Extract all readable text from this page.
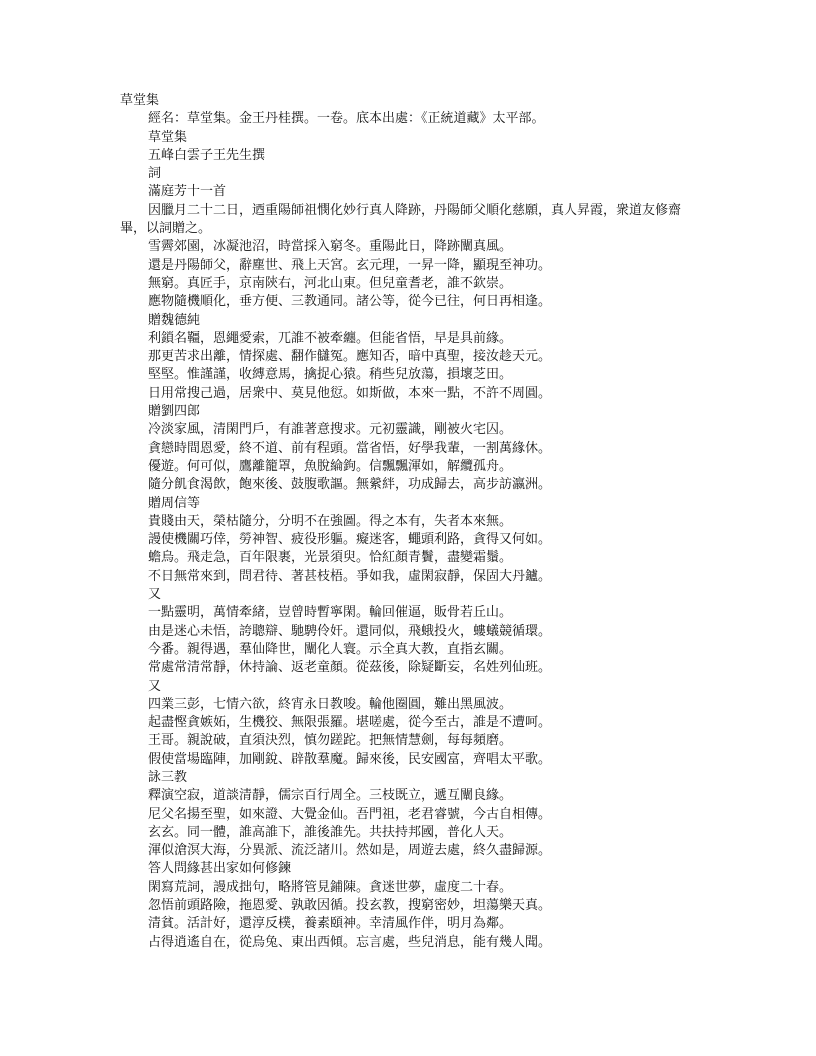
草堂集

經名：草堂集。金王丹桂撰。一卷。底本出處：《正統道藏》太平部。

草堂集

五峰白雲子王先生撰

詞

滿庭芳十一首

因臘月二十二日，迺重陽師祖憫化妙行真人降跡，丹陽師父順化慈願，真人昇霞，衆道友修齋畢，以詞贈之。

雪霽郊園，冰凝池沼，時當採入窮冬。重陽此日，降跡闡真風。

還是丹陽師父，辭塵世、飛上天宮。玄元理，一昇一降，顯現至神功。

無窮。真匠手，京南陝右，河北山東。但兒童耆老，誰不欽崇。

應物隨機順化，垂方便、三教通同。諸公等，從今已往，何日再相逢。

贈魏德純

利鎖名韁，恩繩愛索，兀誰不被牽纏。但能省悟，早是具前緣。

那更苦求出離，情探處、翻作讎冤。應知否，暗中真聖，接汝趁天元。

堅堅。惟謹謹，收縛意馬，擒捉心猿。稍些兒放蕩，損壞芝田。

日用常搜己過，居衆中、莫見他愆。如斯做，本來一點，不許不周圓。

贈劉四郎

冷淡家風，清閑門戶，有誰著意搜求。元初靈識，剛被火宅囚。

貪戀時間恩愛，終不道、前有程頭。當省悟，好學我輩，一割萬緣休。

優遊。何可似，鷹離籠罩，魚脫綸鉤。信飄飄渾如，解纜孤舟。

隨分飢食渴飲，飽來後、鼓腹歌謳。無縈絆，功成歸去，高步訪瀛洲。

贈周信等

貴賤由天，榮枯隨分，分明不在強圖。得之本有，失者本來無。

謾使機關巧倖，勞神智、疲役形軀。癡迷客，蠅頭利路，貪得又何如。

蟾烏。飛走急，百年限裹，光景須臾。恰紅顏青鬢，盡變霜鬚。

不日無常來到，問君待、著甚枝梧。爭如我，虛閑寂靜，保固大丹鑪。

又

一點靈明，萬情牽緒，豈曾時暫寧閑。輪回催逼，販骨若丘山。

由是迷心未悟，誇聰辯、馳騁伶奸。還同似，飛蛾投火，螻蟻競循環。

今番。親得遇，羣仙降世，闡化人寰。示全真大教，直指玄關。

常處常清常靜，休持論、返老童顏。從茲後，除疑斷妄，名姓列仙班。

又

四業三彭，七情六欲，終宵永日教唆。輪他圈圓，難出黑風波。

起盡慳貪嫉妬，生機狡、無限張羅。堪嗟處，從今至古，誰是不遭呵。

王哥。親說破，直須決烈，慎勿蹉跎。把無情慧劍，每每頻磨。

假使當場臨陣，加剛銳、辟散羣魔。歸來後，民安國富，齊唱太平歌。

詠三教

釋演空寂，道談清靜，儒宗百行周全。三枝既立，遞互闡良緣。

尼父名揚至聖，如來證、大覺金仙。吾門祖，老君睿號，今古自相傳。

玄玄。同一體，誰高誰下，誰後誰先。共扶持邦國，普化人天。

渾似滄溟大海，分異派、流泛諸川。然如是，周遊去處，終久盡歸源。

答人問緣甚出家如何修鍊

閑寫荒詞，謾成拙句，略將管見鋪陳。貪迷世夢，虛度二十春。

忽悟前頭路險，拖恩愛、孰敢因循。投玄教，搜窮密妙，坦蕩樂天真。

清貧。活計好，還淳反樸，養素頤神。幸清風作伴，明月為鄰。

占得逍遙自在，從烏兔、東出西傾。忘言處，些兒消息，能有幾人聞。
